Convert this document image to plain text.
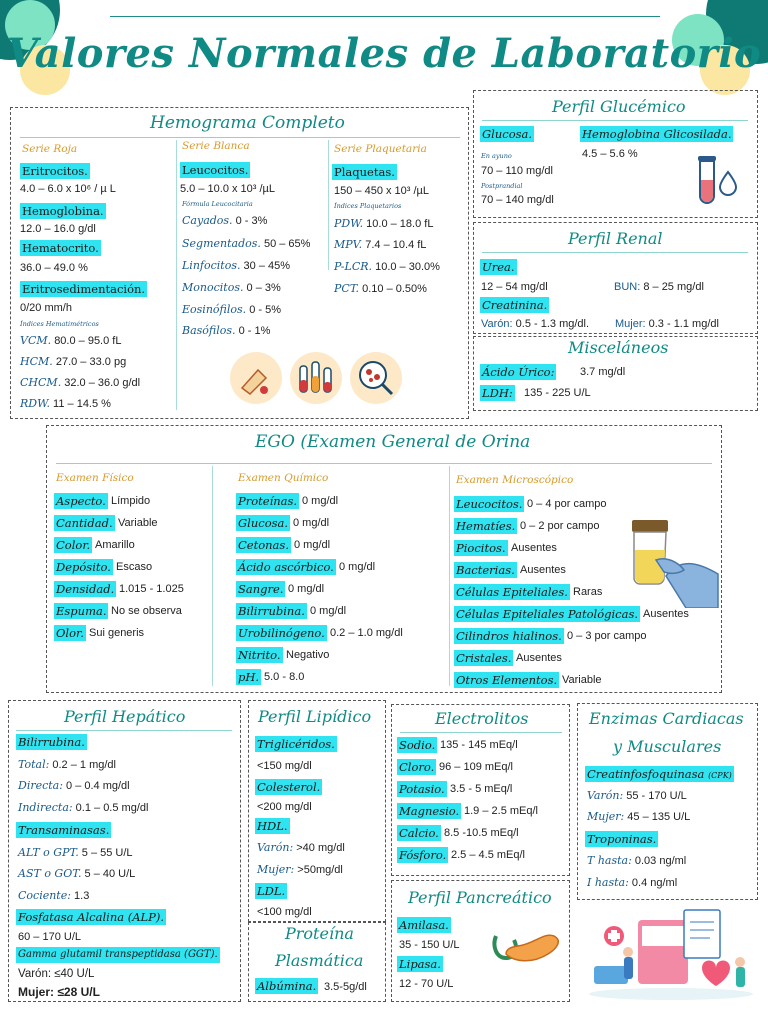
Valores Normales de Laboratorio
Hemograma Completo
Serie Roja
Eritrocitos.
4.0 – 6.0 x 10⁶ / µ L
Hemoglobina.
12.0 – 16.0 g/dl
Hematocrito.
36.0 – 49.0 %
Eritrosedimentación.
0/20 mm/h
Índices Hematimétricos
VCM. 80.0 – 95.0 fL
HCM. 27.0 – 33.0 pg
CHCM. 32.0 – 36.0 g/dl
RDW. 11 – 14.5 %
Serie Blanca
Leucocitos.
5.0 – 10.0 x 10³ /µL
Fórmula Leucocitaria
Cayados. 0 - 3%
Segmentados. 50 – 65%
Linfocitos. 30 – 45%
Monocitos. 0 – 3%
Eosinófilos. 0 - 5%
Basófilos. 0 - 1%
Serie Plaquetaria
Plaquetas.
150 – 450 x 10³ /µL
Índices Plaquetarios
PDW. 10.0 – 18.0 fL
MPV. 7.4 – 10.4 fL
P-LCR. 10.0 – 30.0%
PCT. 0.10 – 0.50%
Perfil Glucémico
Glucosa.
En ayuno
70 – 110 mg/dl
Postprandial
70 – 140 mg/dl
Hemoglobina Glicosilada.
4.5 – 5.6 %
Perfil Renal
Urea.
12 – 54 mg/dl	BUN: 8 – 25 mg/dl
Creatinina.
Varón: 0.5 - 1.3 mg/dl. Mujer: 0.3 - 1.1 mg/dl
Misceláneos
Ácido Úrico: 3.7 mg/dl
LDH: 135 - 225 U/L
EGO (Examen General de Orina
Examen Físico
Aspecto. Límpido
Cantidad. Variable
Color. Amarillo
Depósito. Escaso
Densidad. 1.015 - 1.025
Espuma. No se observa
Olor. Sui generis
Examen Químico
Proteínas. 0 mg/dl
Glucosa. 0 mg/dl
Cetonas. 0 mg/dl
Ácido ascórbico. 0 mg/dl
Sangre. 0 mg/dl
Bilirrubina. 0 mg/dl
Urobilinógeno. 0.2 – 1.0 mg/dl
Nitrito. Negativo
pH. 5.0 - 8.0
Examen Microscópico
Leucocitos. 0 – 4 por campo
Hematíes. 0 – 2 por campo
Piocitos. Ausentes
Bacterias. Ausentes
Células Epiteliales. Raras
Células Epiteliales Patológicas. Ausentes
Cilindros hialinos. 0 – 3 por campo
Cristales. Ausentes
Otros Elementos. Variable
Perfil Hepático
Bilirrubina.
Total: 0.2 – 1 mg/dl
Directa: 0 – 0.4 mg/dl
Indirecta: 0.1 – 0.5 mg/dl
Transaminasas.
ALT o GPT. 5 – 55 U/L
AST o GOT. 5 – 40 U/L
Cociente: 1.3
Fosfatasa Alcalina (ALP).
60 – 170 U/L
Gamma glutamil transpeptidasa (GGT).
Varón: ≤40 U/L
Mujer: ≤28 U/L
Perfil Lipídico
Triglicéridos.
<150 mg/dl
Colesterol.
<200 mg/dl
HDL.
Varón: >40 mg/dl
Mujer: >50mg/dl
LDL.
<100 mg/dl
Proteína
Plasmática
Albúmina. 3.5-5g/dl
Electrolitos
Sodio. 135 - 145 mEq/l
Cloro. 96 – 109 mEq/l
Potasio. 3.5 - 5 mEq/l
Magnesio. 1.9 – 2.5 mEq/l
Calcio. 8.5 -10.5 mEq/l
Fósforo. 2.5 – 4.5 mEq/l
Perfil Pancreático
Amilasa.
35 - 150 U/L
Lipasa.
12 - 70 U/L
Enzimas Cardiacas
y Musculares
Creatinfosfoquinasa (CPK)
Varón: 55 - 170 U/L
Mujer: 45 – 135 U/L
Troponinas.
T hasta: 0.03 ng/ml
I hasta: 0.4 ng/ml
